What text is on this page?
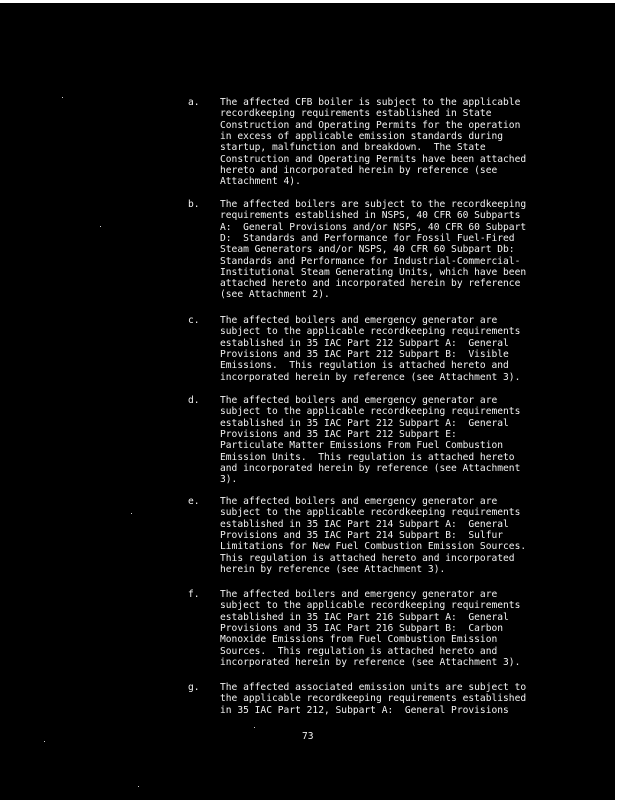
a. The affected CFB boiler is subject to the applicable
recordkeeping requirements established in State
Construction and Operating Permits for the operation
in excess of applicable emission standards during
startup, malfunction and breakdown.  The State
Construction and Operating Permits have been attached
hereto and incorporated herein by reference (see
Attachment 4).
b. The affected boilers are subject to the recordkeeping
requirements established in NSPS, 40 CFR 60 Subparts
A:  General Provisions and/or NSPS, 40 CFR 60 Subpart
D:  Standards and Performance for Fossil Fuel-Fired
Steam Generators and/or NSPS, 40 CFR 60 Subpart Db:
Standards and Performance for Industrial-Commercial-
Institutional Steam Generating Units, which have been
attached hereto and incorporated herein by reference
(see Attachment 2).
c. The affected boilers and emergency generator are
subject to the applicable recordkeeping requirements
established in 35 IAC Part 212 Subpart A:  General
Provisions and 35 IAC Part 212 Subpart B:  Visible
Emissions.  This regulation is attached hereto and
incorporated herein by reference (see Attachment 3).
d. The affected boilers and emergency generator are
subject to the applicable recordkeeping requirements
established in 35 IAC Part 212 Subpart A:  General
Provisions and 35 IAC Part 212 Subpart E:
Particulate Matter Emissions From Fuel Combustion
Emission Units.  This regulation is attached hereto
and incorporated herein by reference (see Attachment
3).
e. The affected boilers and emergency generator are
subject to the applicable recordkeeping requirements
established in 35 IAC Part 214 Subpart A:  General
Provisions and 35 IAC Part 214 Subpart B:  Sulfur
Limitations for New Fuel Combustion Emission Sources.
This regulation is attached hereto and incorporated
herein by reference (see Attachment 3).
f. The affected boilers and emergency generator are
subject to the applicable recordkeeping requirements
established in 35 IAC Part 216 Subpart A:  General
Provisions and 35 IAC Part 216 Subpart B:  Carbon
Monoxide Emissions from Fuel Combustion Emission
Sources.  This regulation is attached hereto and
incorporated herein by reference (see Attachment 3).
g. The affected associated emission units are subject to
the applicable recordkeeping requirements established
in 35 IAC Part 212, Subpart A:  General Provisions
73
